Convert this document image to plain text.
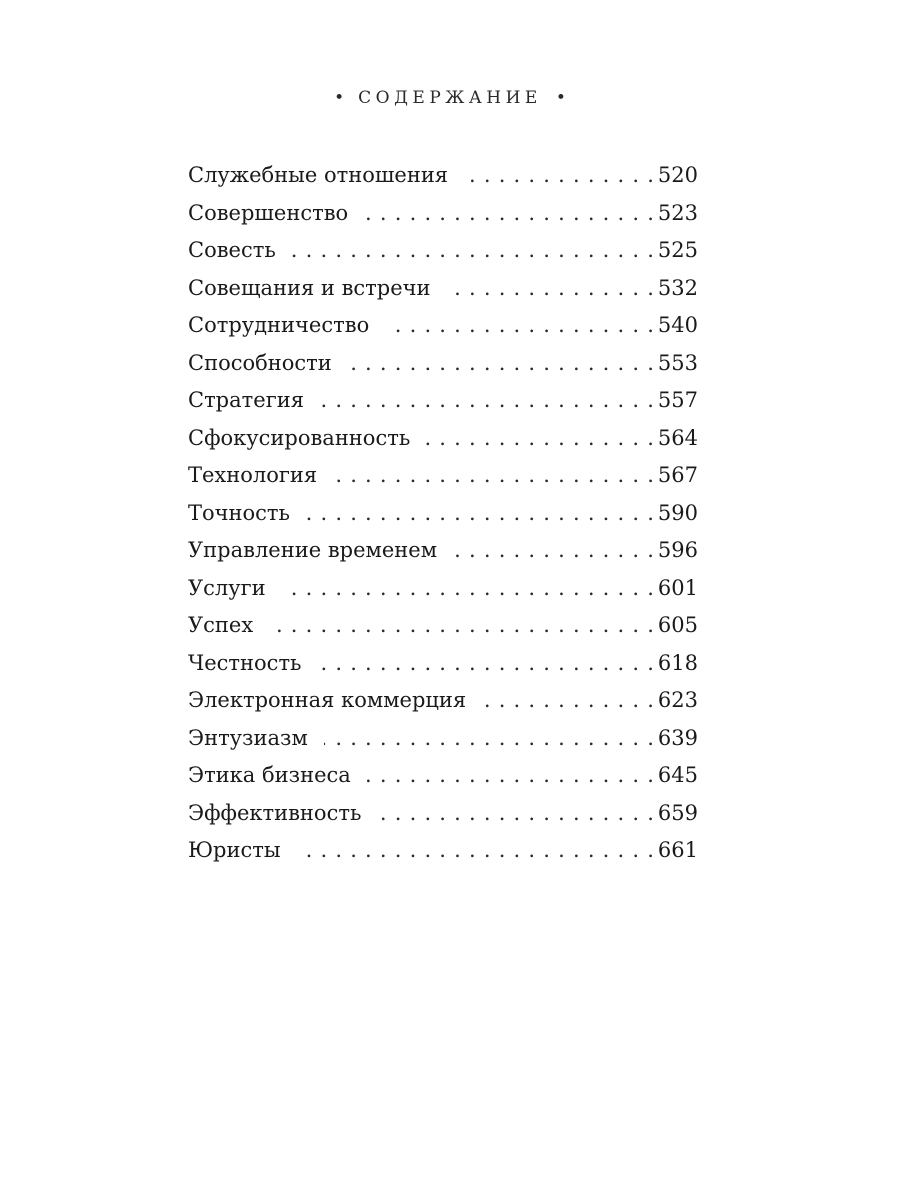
• СОДЕРЖАНИЕ •
Служебные отношения . . .	520
Совершенство . . .	523
Совесть . . .	525
Совещания и встречи . . .	532
Сотрудничество . . .	540
Способности . . .	553
Стратегия . . .	557
Сфокусированность . . .	564
Технология . . .	567
Точность . . .	590
Управление временем . . .	596
Услуги . . .	601
Успех . . .	605
Честность . . .	618
Электронная коммерция . . .	623
Энтузиазм . . .	639
Этика бизнеса . . .	645
Эффективность . . .	659
Юристы . . .	661
